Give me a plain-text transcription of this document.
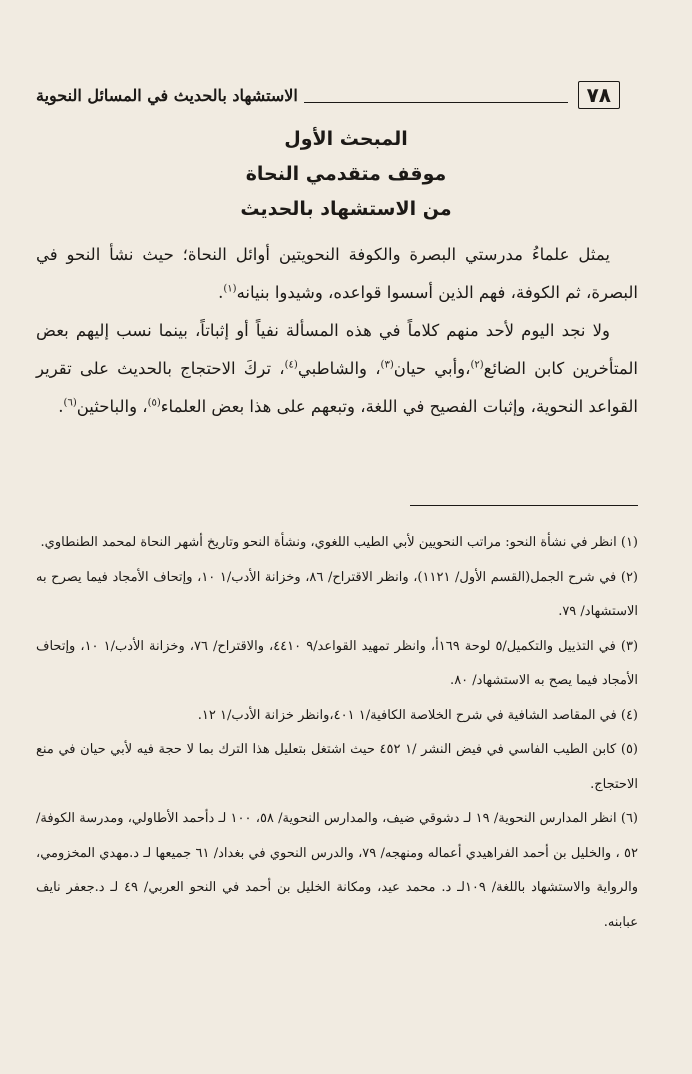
٧٨
الاستشهاد بالحديث في المسائل النحوية
المبحث الأول
موقف متقدمي النحاة
من الاستشهاد بالحديث

يمثل علماءُ مدرستي البصرة والكوفة النحويتين أوائل النحاة؛ حيث نشأ النحو في البصرة، ثم الكوفة، فهم الذين أسسوا قواعده، وشيدوا بنيانه$^{(١)}$.

ولا نجد اليوم لأحد منهم كلاماً في هذه المسألة نفياً أو إثباتاً، بينما نسب إليهم بعض المتأخرين كابن الضائع$^{(٢)}$،وأبي حيان$^{(٣)}$، والشاطبي$^{(٤)}$، تركَ الاحتجاج بالحديث على تقرير القواعد النحوية، وإثبات الفصيح في اللغة، وتبعهم على هذا بعض العلماء$^{(٥)}$، والباحثين$^{(٦)}$.

(١) انظر في نشأة النحو: مراتب النحويين لأبي الطيب اللغوي، ونشأة النحو وتاريخ أشهر النحاة لمحمد الطنطاوي.

(٢) في شرح الجمل(القسم الأول/ ١١٢١)، وانظر الاقتراح/ ٨٦، وخزانة الأدب/١ ١٠، وإتحاف الأمجاد فيما يصرح به الاستشهاد/ ٧٩.

(٣) في التذييل والتكميل/٥ لوحة ١٦٩أ، وانظر تمهيد القواعد/٩ ٤٤١٠، والاقتراح/ ٧٦، وخزانة الأدب/١ ١٠، وإتحاف الأمجاد فيما يصح به الاستشهاد/ ٨٠.

(٤) في المقاصد الشافية في شرح الخلاصة الكافية/١ ٤٠١،وانظر خزانة الأدب/١ ١٢.

(٥) كابن الطيب الفاسي في فيض النشر /١ ٤٥٢ حيث اشتغل بتعليل هذا الترك بما لا حجة فيه لأبي حيان في منع الاحتجاج.

(٦) انظر المدارس النحوية/ ١٩ لـ دشوقي ضيف، والمدارس النحوية/ ٥٨، ١٠٠ لـ دأحمد الأطاولي، ومدرسة الكوفة/ ٥٢ ، والخليل بن أحمد الفراهيدي أعماله ومنهجه/ ٧٩، والدرس النحوي في بغداد/ ٦١ جميعها لـ د.مهدي المخزومي، والرواية والاستشهاد باللغة/ ١٠٩لـ د. محمد عيد، ومكانة الخليل بن أحمد في النحو العربي/ ٤٩ لـ د.جعفر نايف عبابنه.
